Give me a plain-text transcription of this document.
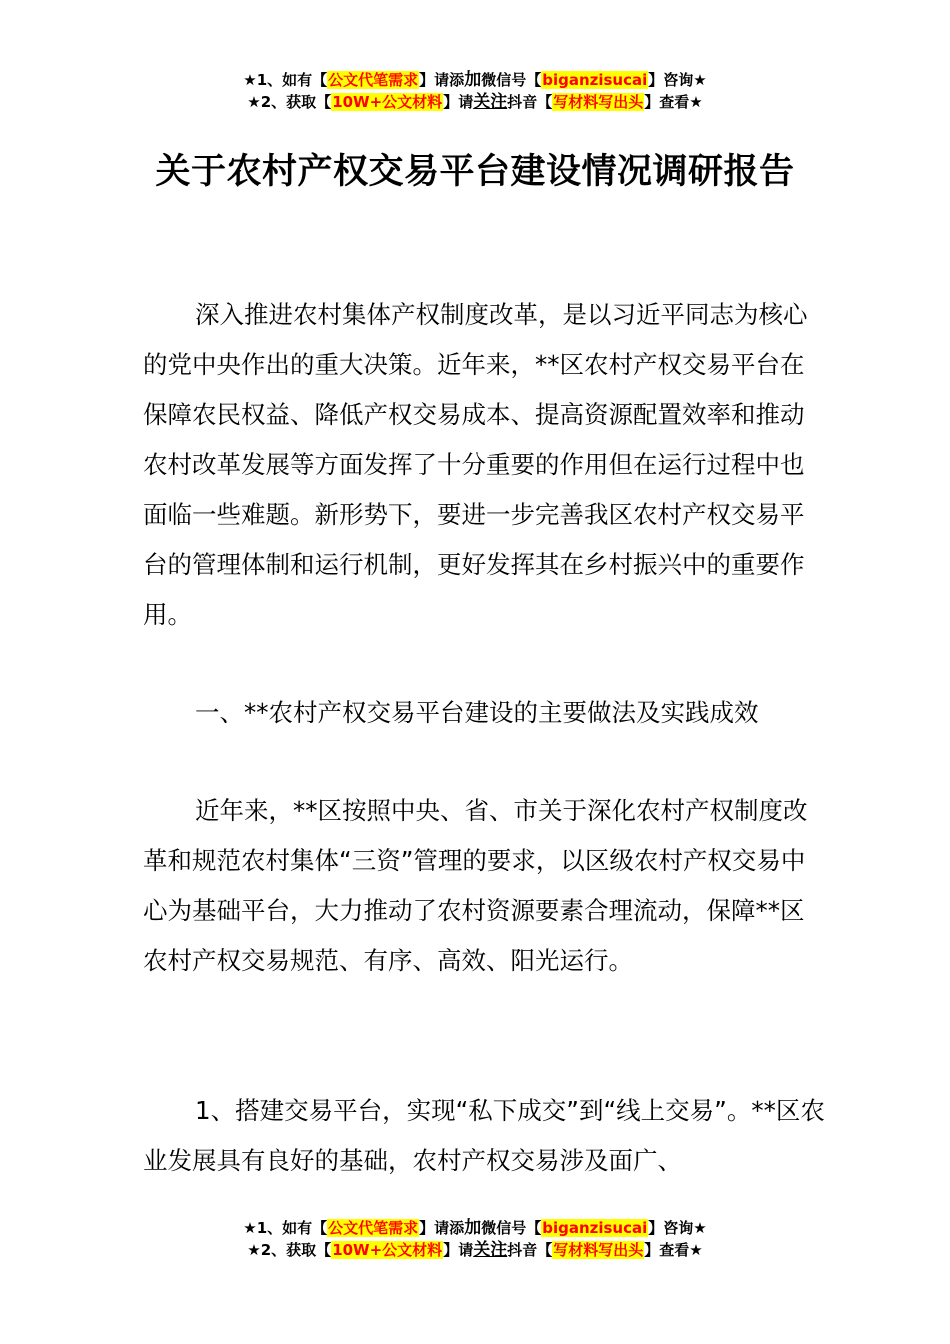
★1、如有【公文代笔需求】请添加微信号【biganzisucai】咨询★
★2、获取【10W+公文材料】请关注抖音【写材料写出头】查看★
关于农村产权交易平台建设情况调研报告

深入推进农村集体产权制度改革，是以习近平同志为核心的党中央作出的重大决策。近年来，**区农村产权交易平台在保障农民权益、降低产权交易成本、提高资源配置效率和推动农村改革发展等方面发挥了十分重要的作用但在运行过程中也面临一些难题。新形势下，要进一步完善我区农村产权交易平台的管理体制和运行机制，更好发挥其在乡村振兴中的重要作用。

一、**农村产权交易平台建设的主要做法及实践成效

近年来，**区按照中央、省、市关于深化农村产权制度改革和规范农村集体“三资”管理的要求，以区级农村产权交易中心为基础平台，大力推动了农村资源要素合理流动，保障**区农村产权交易规范、有序、高效、阳光运行。

1、搭建交易平台，实现“私下成交”到“线上交易”。**区农业发展具有良好的基础，农村产权交易涉及面广、

★1、如有【公文代笔需求】请添加微信号【biganzisucai】咨询★
★2、获取【10W+公文材料】请关注抖音【写材料写出头】查看★
